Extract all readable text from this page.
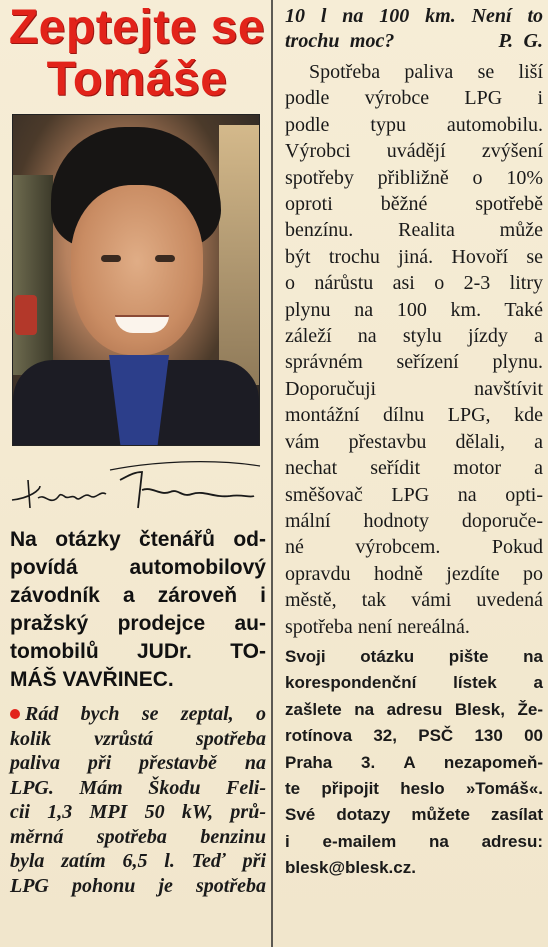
Zeptejte se
Tomáše
Na otázky čtenářů od-
povídá automobilový
závodník a zároveň i
pražský prodejce au-
tomobilů JUDr. TO-
MÁŠ VAVŘINEC.
Rád bych se zeptal, o
kolik vzrůstá spotřeba
paliva při přestavbě na
LPG. Mám Škodu Feli-
cii 1,3 MPI 50 kW, prů-
měrná spotřeba benzinu
byla zatím 6,5 l. Teď při
LPG pohonu je spotřeba
10 l na 100 km. Není to
trochu moc?          P. G.
Spotřeba paliva se liší
podle výrobce LPG i
podle typu automobilu.
Výrobci uvádějí zvýšení
spotřeby přibližně o 10%
oproti běžné spotřebě
benzínu. Realita může
být trochu jiná. Hovoří se
o nárůstu asi o 2-3 litry
plynu na 100 km. Také
záleží na stylu jízdy a
správném seřízení plynu.
Doporučuji navštívit
montážní dílnu LPG, kde
vám přestavbu dělali, a
nechat seřídit motor a
směšovač LPG na opti-
mální hodnoty doporuče-
né výrobcem. Pokud
opravdu hodně jezdíte po
městě, tak vámi uvedená
spotřeba není nereálná.
Svoji otázku pište na
korespondenční lístek a
zašlete na adresu Blesk, Že-
rotínova 32, PSČ 130 00
Praha 3. A nezapomeň-
te připojit heslo »Tomáš«.
Své dotazy můžete zasílat
i e-mailem na adresu:
blesk@blesk.cz.
